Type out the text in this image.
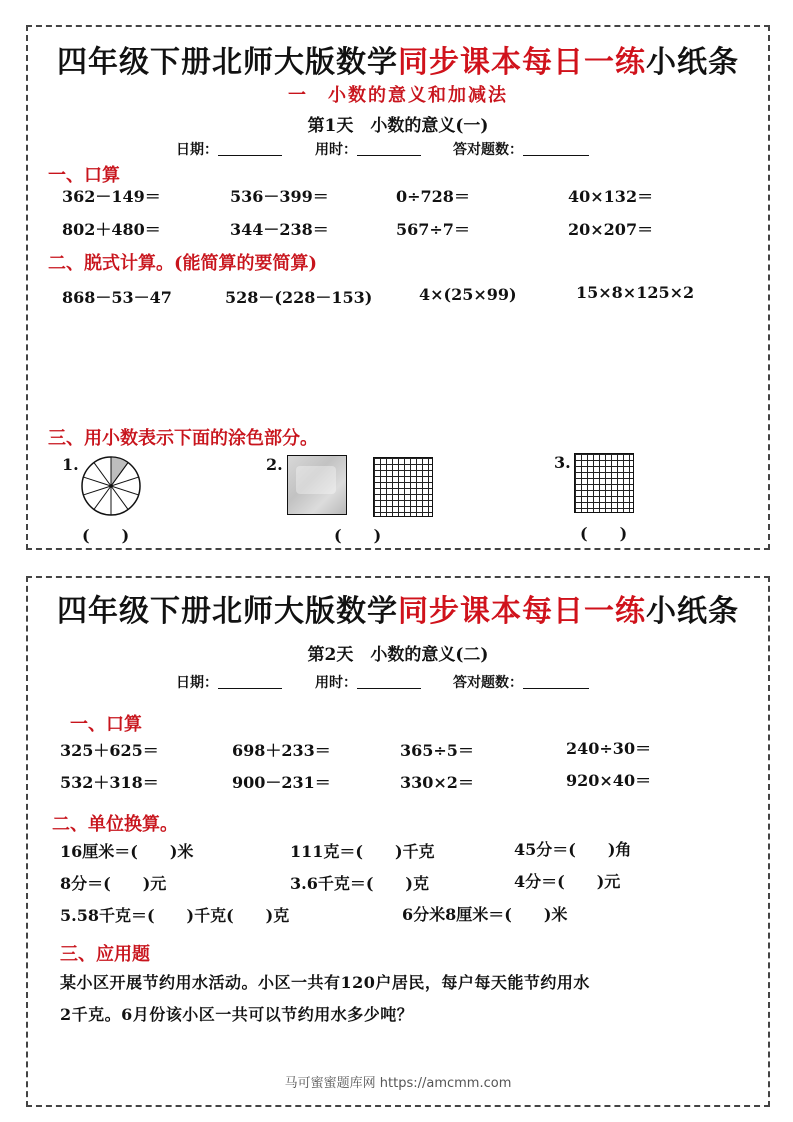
四年级下册北师大版数学同步课本每日一练小纸条
一　小数的意义和加减法
第1天　小数的意义(一)
日期：	用时：	答对题数：
一、口算
362－149＝	536－399＝	0÷728＝	40×132＝
802＋480＝	344－238＝	567÷7＝	20×207＝
二、脱式计算。(能简算的要简算)
868－53－47	528－(228－153)	4×(25×99)	15×8×125×2
三、用小数表示下面的涂色部分。
1.
(　　)
2.
(　　)
3.
(　　)
四年级下册北师大版数学同步课本每日一练小纸条
第2天　小数的意义(二)
日期：	用时：	答对题数：
一、口算
325＋625＝	698＋233＝	365÷5＝	240÷30＝
532＋318＝	900－231＝	330×2＝	920×40＝
二、单位换算。
16厘米＝(　　)米	111克＝(　　)千克	45分＝(　　)角
8分＝(　　)元	3.6千克＝(　　)克	4分＝(　　)元
5.58千克＝(　　)千克(　　)克	6分米8厘米＝(　　)米
三、应用题
某小区开展节约用水活动。小区一共有120户居民，每户每天能节约用水
2千克。6月份该小区一共可以节约用水多少吨？
马可蜜蜜题库网 https://amcmm.com
